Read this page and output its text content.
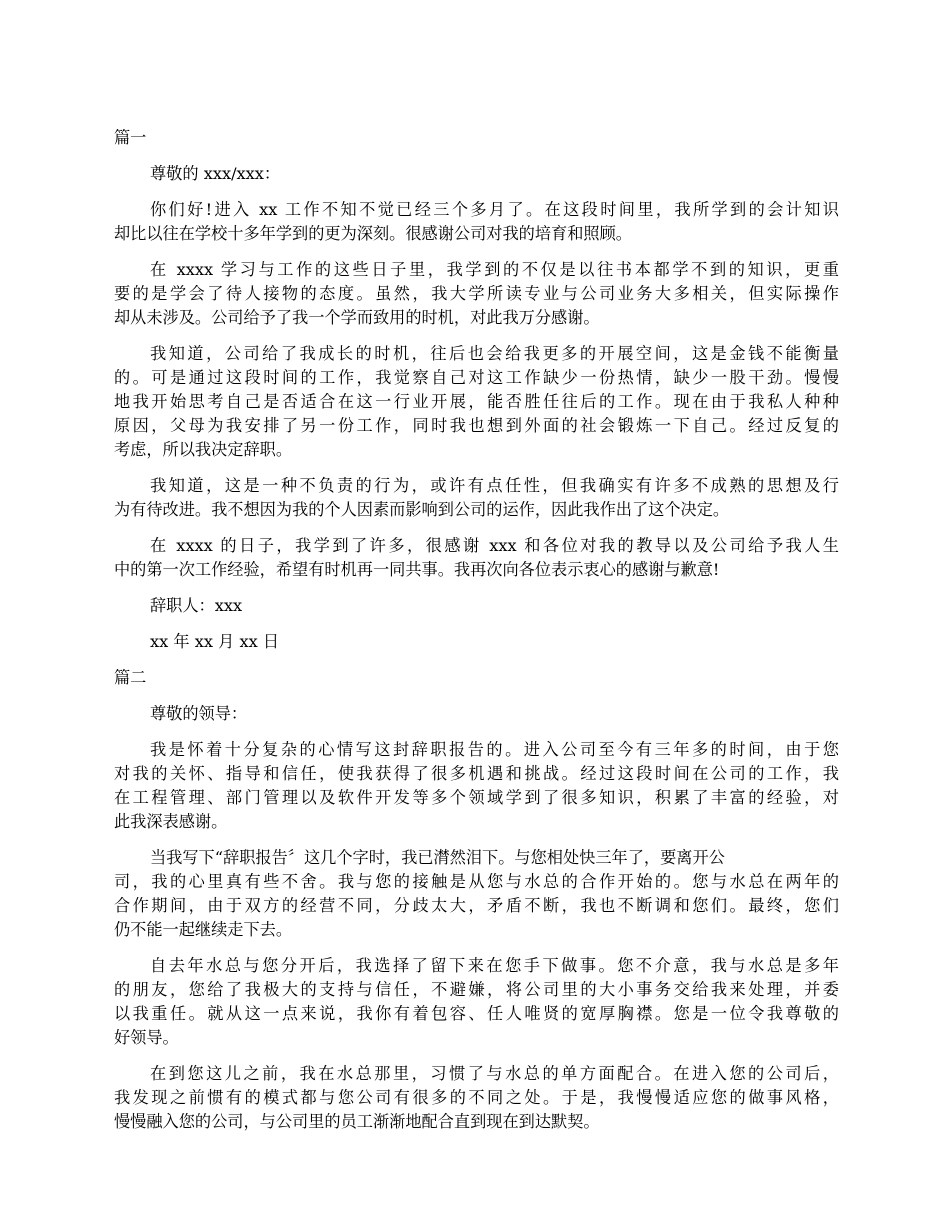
篇一

尊敬的 xxx/xxx：

你们好!进入 xx 工作不知不觉已经三个多月了。在这段时间里，我所学到的会计知识

却比以往在学校十多年学到的更为深刻。很感谢公司对我的培育和照顾。

在 xxxx 学习与工作的这些日子里，我学到的不仅是以往书本都学不到的知识，更重

要的是学会了待人接物的态度。虽然，我大学所读专业与公司业务大多相关，但实际操作

却从未涉及。公司给予了我一个学而致用的时机，对此我万分感谢。

我知道，公司给了我成长的时机，往后也会给我更多的开展空间，这是金钱不能衡量

的。可是通过这段时间的工作，我觉察自己对这工作缺少一份热情，缺少一股干劲。慢慢

地我开始思考自己是否适合在这一行业开展，能否胜任往后的工作。现在由于我私人种种

原因，父母为我安排了另一份工作，同时我也想到外面的社会锻炼一下自己。经过反复的

考虑，所以我决定辞职。

我知道，这是一种不负责的行为，或许有点任性，但我确实有许多不成熟的思想及行

为有待改进。我不想因为我的个人因素而影响到公司的运作，因此我作出了这个决定。

在 xxxx 的日子，我学到了许多，很感谢 xxx 和各位对我的教导以及公司给予我人生

中的第一次工作经验，希望有时机再一同共事。我再次向各位表示衷心的感谢与歉意!

辞职人：xxx

xx 年 xx 月 xx 日

篇二

尊敬的领导：

我是怀着十分复杂的心情写这封辞职报告的。进入公司至今有三年多的时间，由于您

对我的关怀、指导和信任，使我获得了很多机遇和挑战。经过这段时间在公司的工作，我

在工程管理、部门管理以及软件开发等多个领域学到了很多知识，积累了丰富的经验，对

此我深表感谢。

当我写下“辞职报告〞这几个字时，我已潸然泪下。与您相处快三年了，要离开公

司，我的心里真有些不舍。我与您的接触是从您与水总的合作开始的。您与水总在两年的

合作期间，由于双方的经营不同，分歧太大，矛盾不断，我也不断调和您们。最终，您们

仍不能一起继续走下去。

自去年水总与您分开后，我选择了留下来在您手下做事。您不介意，我与水总是多年

的朋友，您给了我极大的支持与信任，不避嫌，将公司里的大小事务交给我来处理，并委

以我重任。就从这一点来说，我你有着包容、任人唯贤的宽厚胸襟。您是一位令我尊敬的

好领导。

在到您这儿之前，我在水总那里，习惯了与水总的单方面配合。在进入您的公司后，

我发现之前惯有的模式都与您公司有很多的不同之处。于是，我慢慢适应您的做事风格，

慢慢融入您的公司，与公司里的员工渐渐地配合直到现在到达默契。
